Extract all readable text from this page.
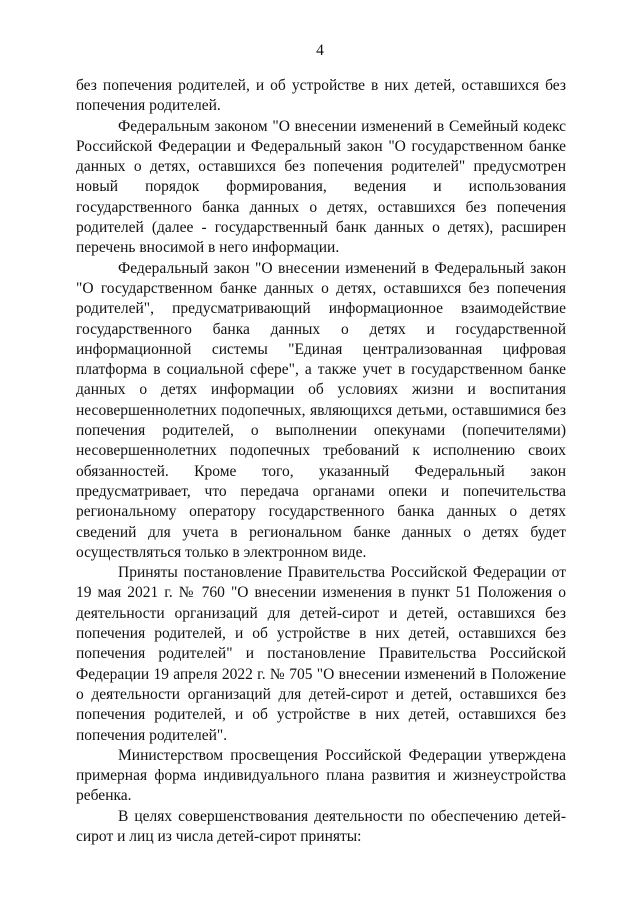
4

без попечения родителей, и об устройстве в них детей, оставшихся без попечения родителей.

Федеральным законом "О внесении изменений в Семейный кодекс Российской Федерации и Федеральный закон "О государственном банке данных о детях, оставшихся без попечения родителей" предусмотрен новый порядок формирования, ведения и использования государственного банка данных о детях, оставшихся без попечения родителей (далее - государственный банк данных о детях), расширен перечень вносимой в него информации.

Федеральный закон "О внесении изменений в Федеральный закон "О государственном банке данных о детях, оставшихся без попечения родителей", предусматривающий информационное взаимодействие государственного банка данных о детях и государственной информационной системы "Единая централизованная цифровая платформа в социальной сфере", а также учет в государственном банке данных о детях информации об условиях жизни и воспитания несовершеннолетних подопечных, являющихся детьми, оставшимися без попечения родителей, о выполнении опекунами (попечителями) несовершеннолетних подопечных требований к исполнению своих обязанностей. Кроме того, указанный Федеральный закон предусматривает, что передача органами опеки и попечительства региональному оператору государственного банка данных о детях сведений для учета в региональном банке данных о детях будет осуществляться только в электронном виде.

Приняты постановление Правительства Российской Федерации от 19 мая 2021 г. № 760 "О внесении изменения в пункт 51 Положения о деятельности организаций для детей-сирот и детей, оставшихся без попечения родителей, и об устройстве в них детей, оставшихся без попечения родителей" и постановление Правительства Российской Федерации 19 апреля 2022 г. № 705 "О внесении изменений в Положение о деятельности организаций для детей-сирот и детей, оставшихся без попечения родителей, и об устройстве в них детей, оставшихся без попечения родителей".

Министерством просвещения Российской Федерации утверждена примерная форма индивидуального плана развития и жизнеустройства ребенка.

В целях совершенствования деятельности по обеспечению детей-сирот и лиц из числа детей-сирот приняты:
